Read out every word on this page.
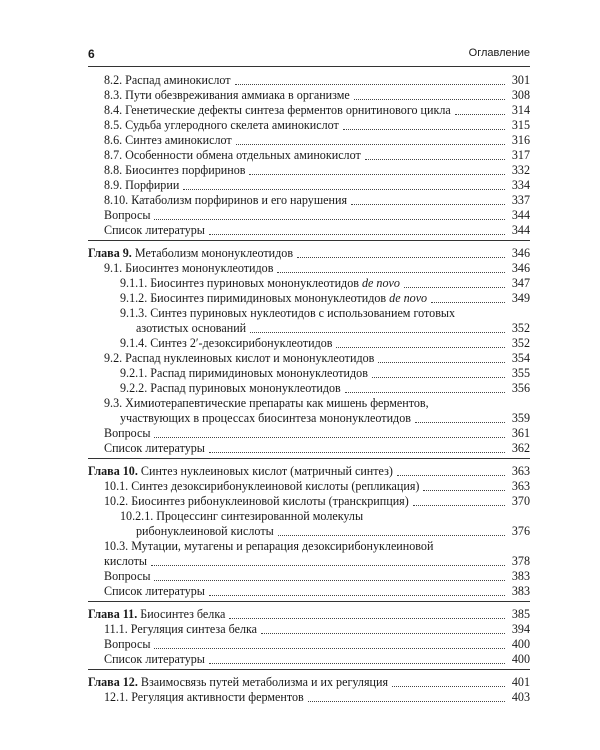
6	Оглавление
8.2. Распад аминокислот	301
8.3. Пути обезвреживания аммиака в организме	308
8.4. Генетические дефекты синтеза ферментов орнитинового цикла	314
8.5. Судьба углеродного скелета аминокислот	315
8.6. Синтез аминокислот	316
8.7. Особенности обмена отдельных аминокислот	317
8.8. Биосинтез порфиринов	332
8.9. Порфирии	334
8.10. Катаболизм порфиринов и его нарушения	337
Вопросы	344
Список литературы	344
Глава 9. Метаболизм мононуклеотидов	346
9.1. Биосинтез мононуклеотидов	346
9.1.1. Биосинтез пуриновых мононуклеотидов de novo	347
9.1.2. Биосинтез пиримидиновых мононуклеотидов de novo	349
9.1.3. Синтез пуриновых нуклеотидов с использованием готовых
азотистых оснований	352
9.1.4. Синтез 2′-дезоксирибонуклеотидов	352
9.2. Распад нуклеиновых кислот и мононуклеотидов	354
9.2.1. Распад пиримидиновых мононуклеотидов	355
9.2.2. Распад пуриновых мононуклеотидов	356
9.3. Химиотерапевтические препараты как мишень ферментов,
участвующих в процессах биосинтеза мононуклеотидов	359
Вопросы	361
Список литературы	362
Глава 10. Синтез нуклеиновых кислот (матричный синтез)	363
10.1. Синтез дезоксирибонуклеиновой кислоты (репликация)	363
10.2. Биосинтез рибонуклеиновой кислоты (транскрипция)	370
10.2.1. Процессинг синтезированной молекулы
рибонуклеиновой кислоты	376
10.3. Мутации, мутагены и репарация дезоксирибонуклеиновой
кислоты	378
Вопросы	383
Список литературы	383
Глава 11. Биосинтез белка	385
11.1. Регуляция синтеза белка	394
Вопросы	400
Список литературы	400
Глава 12. Взаимосвязь путей метаболизма и их регуляция	401
12.1. Регуляция активности ферментов	403
